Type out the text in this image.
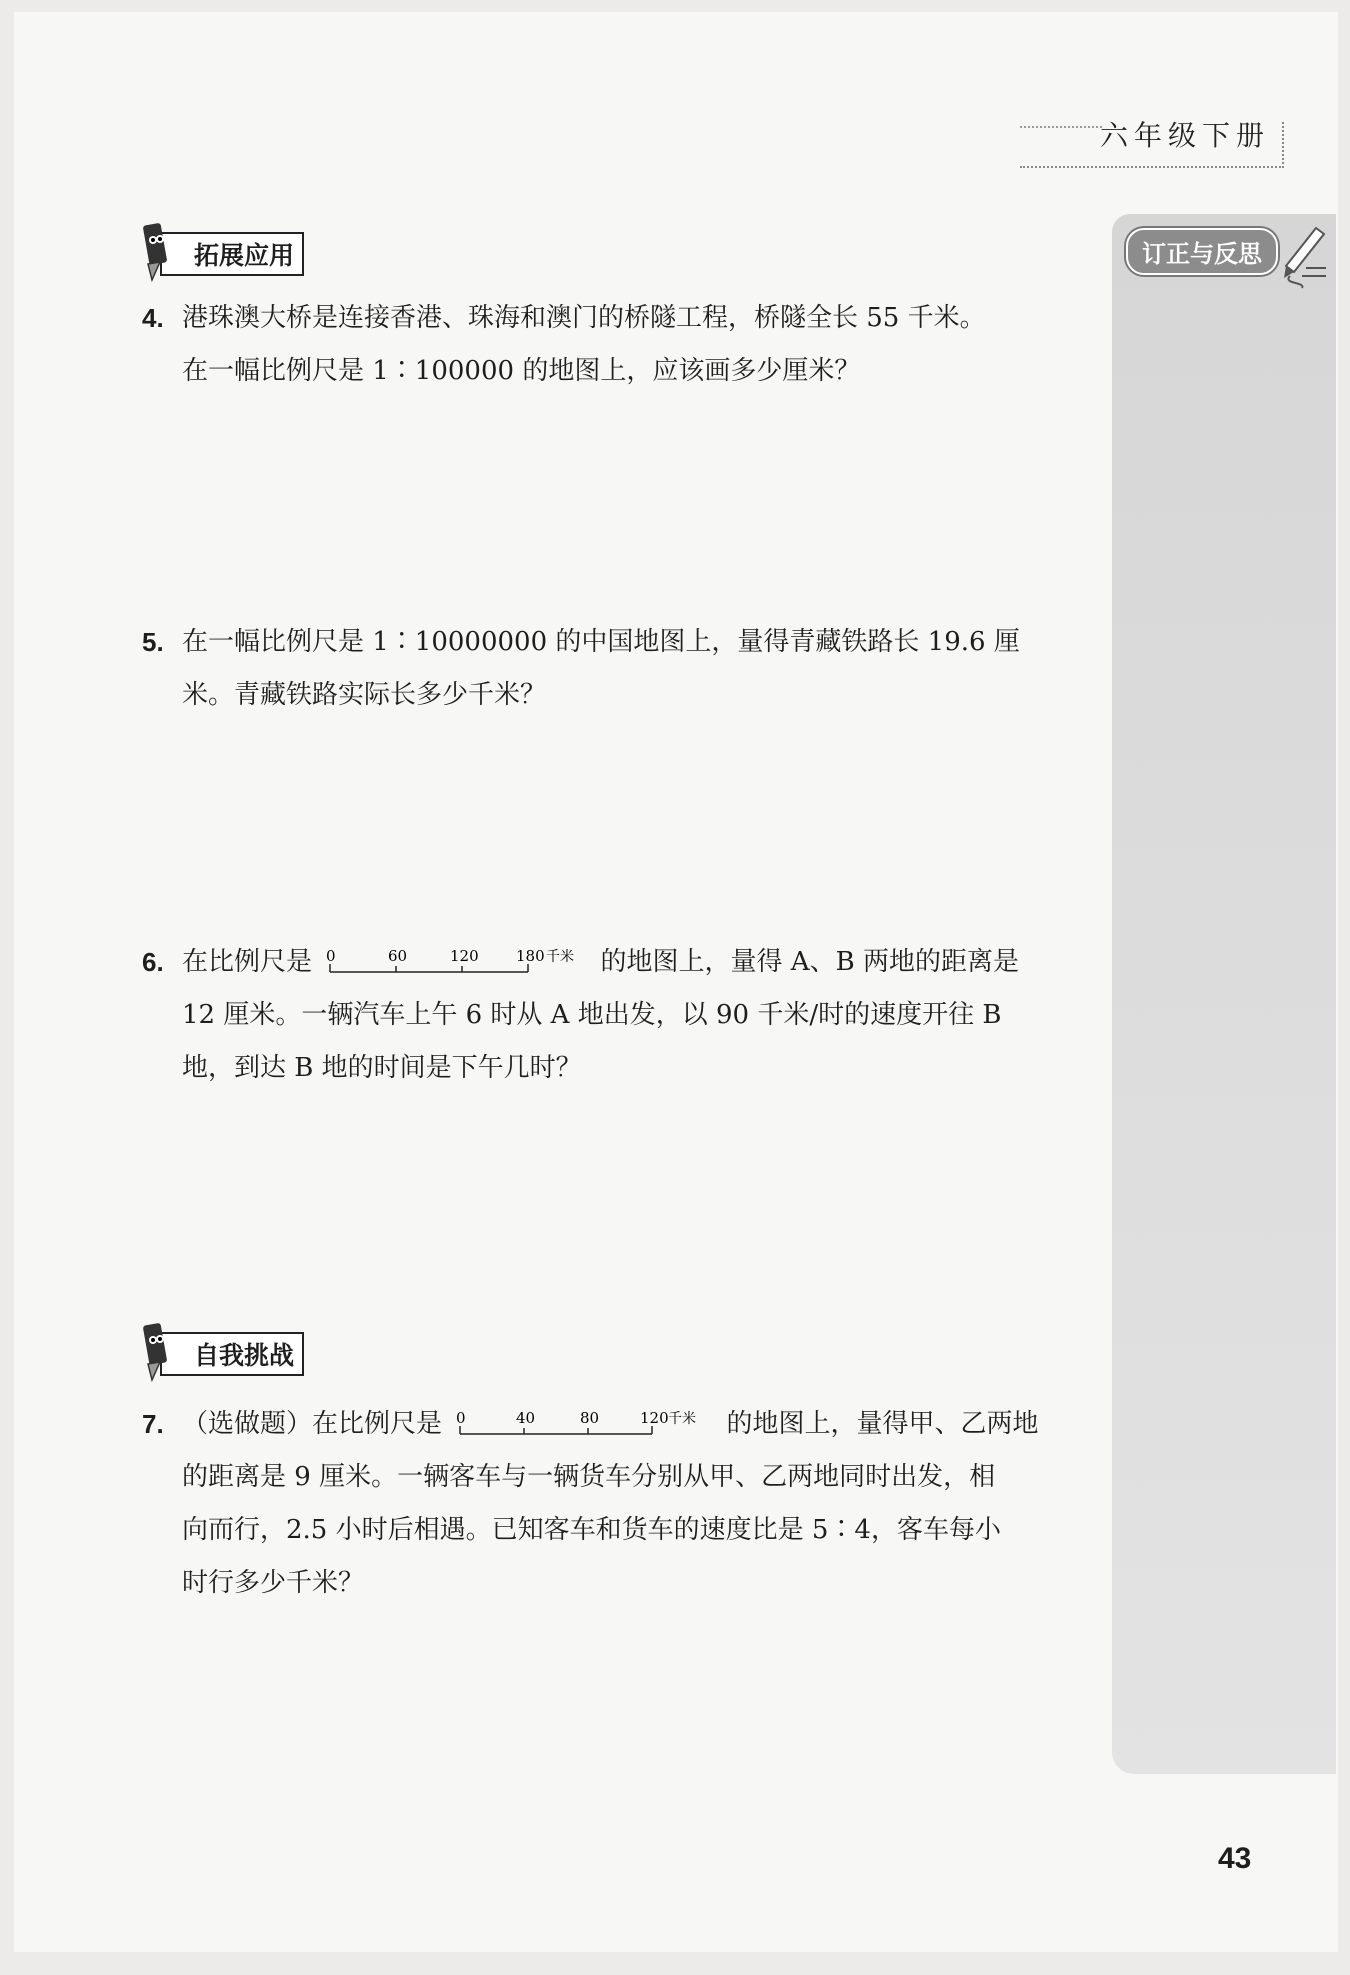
六年级下册
订正与反思
拓展应用
4. 港珠澳大桥是连接香港、珠海和澳门的桥隧工程，桥隧全长 55 千米。
在一幅比例尺是 1∶100000 的地图上，应该画多少厘米？
5. 在一幅比例尺是 1∶10000000 的中国地图上，量得青藏铁路长 19.6 厘
米。青藏铁路实际长多少千米？
6. 在比例尺是 0	60	120 180 千米 的地图上，量得 A、B 两地的距离是
12 厘米。一辆汽车上午 6 时从 A 地出发，以 90 千米/时的速度开往 B
地，到达 B 地的时间是下午几时？
自我挑战
7. （选做题）在比例尺是 0	40	80	120 千米 的地图上，量得甲、乙两地
的距离是 9 厘米。一辆客车与一辆货车分别从甲、乙两地同时出发，相
向而行，2.5 小时后相遇。已知客车和货车的速度比是 5∶4，客车每小
时行多少千米？
43
